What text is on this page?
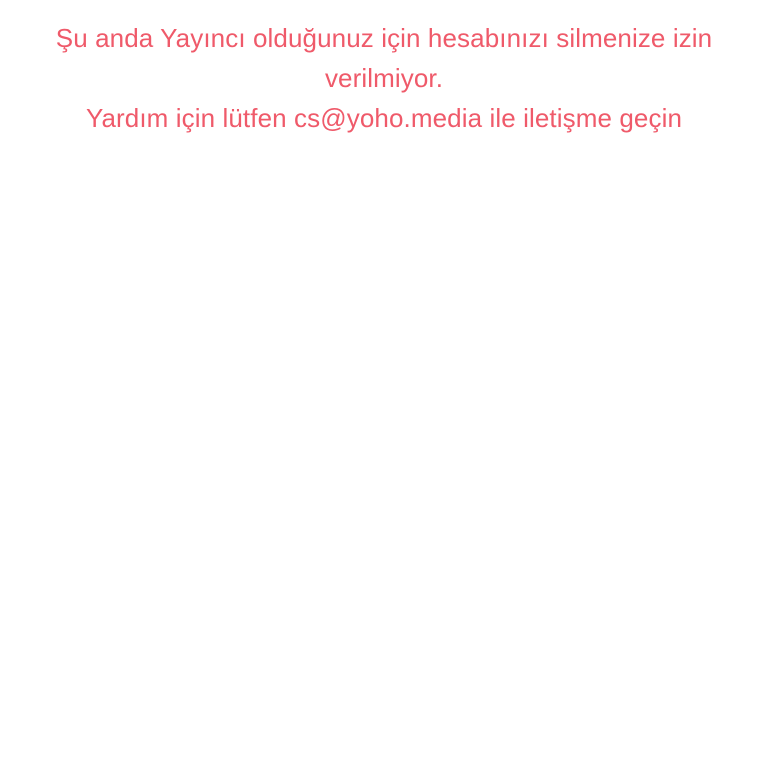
Şu anda Yayıncı olduğunuz için hesabınızı silmenize izin verilmiyor.
Yardım için lütfen cs@yoho.media ile iletişme geçin
